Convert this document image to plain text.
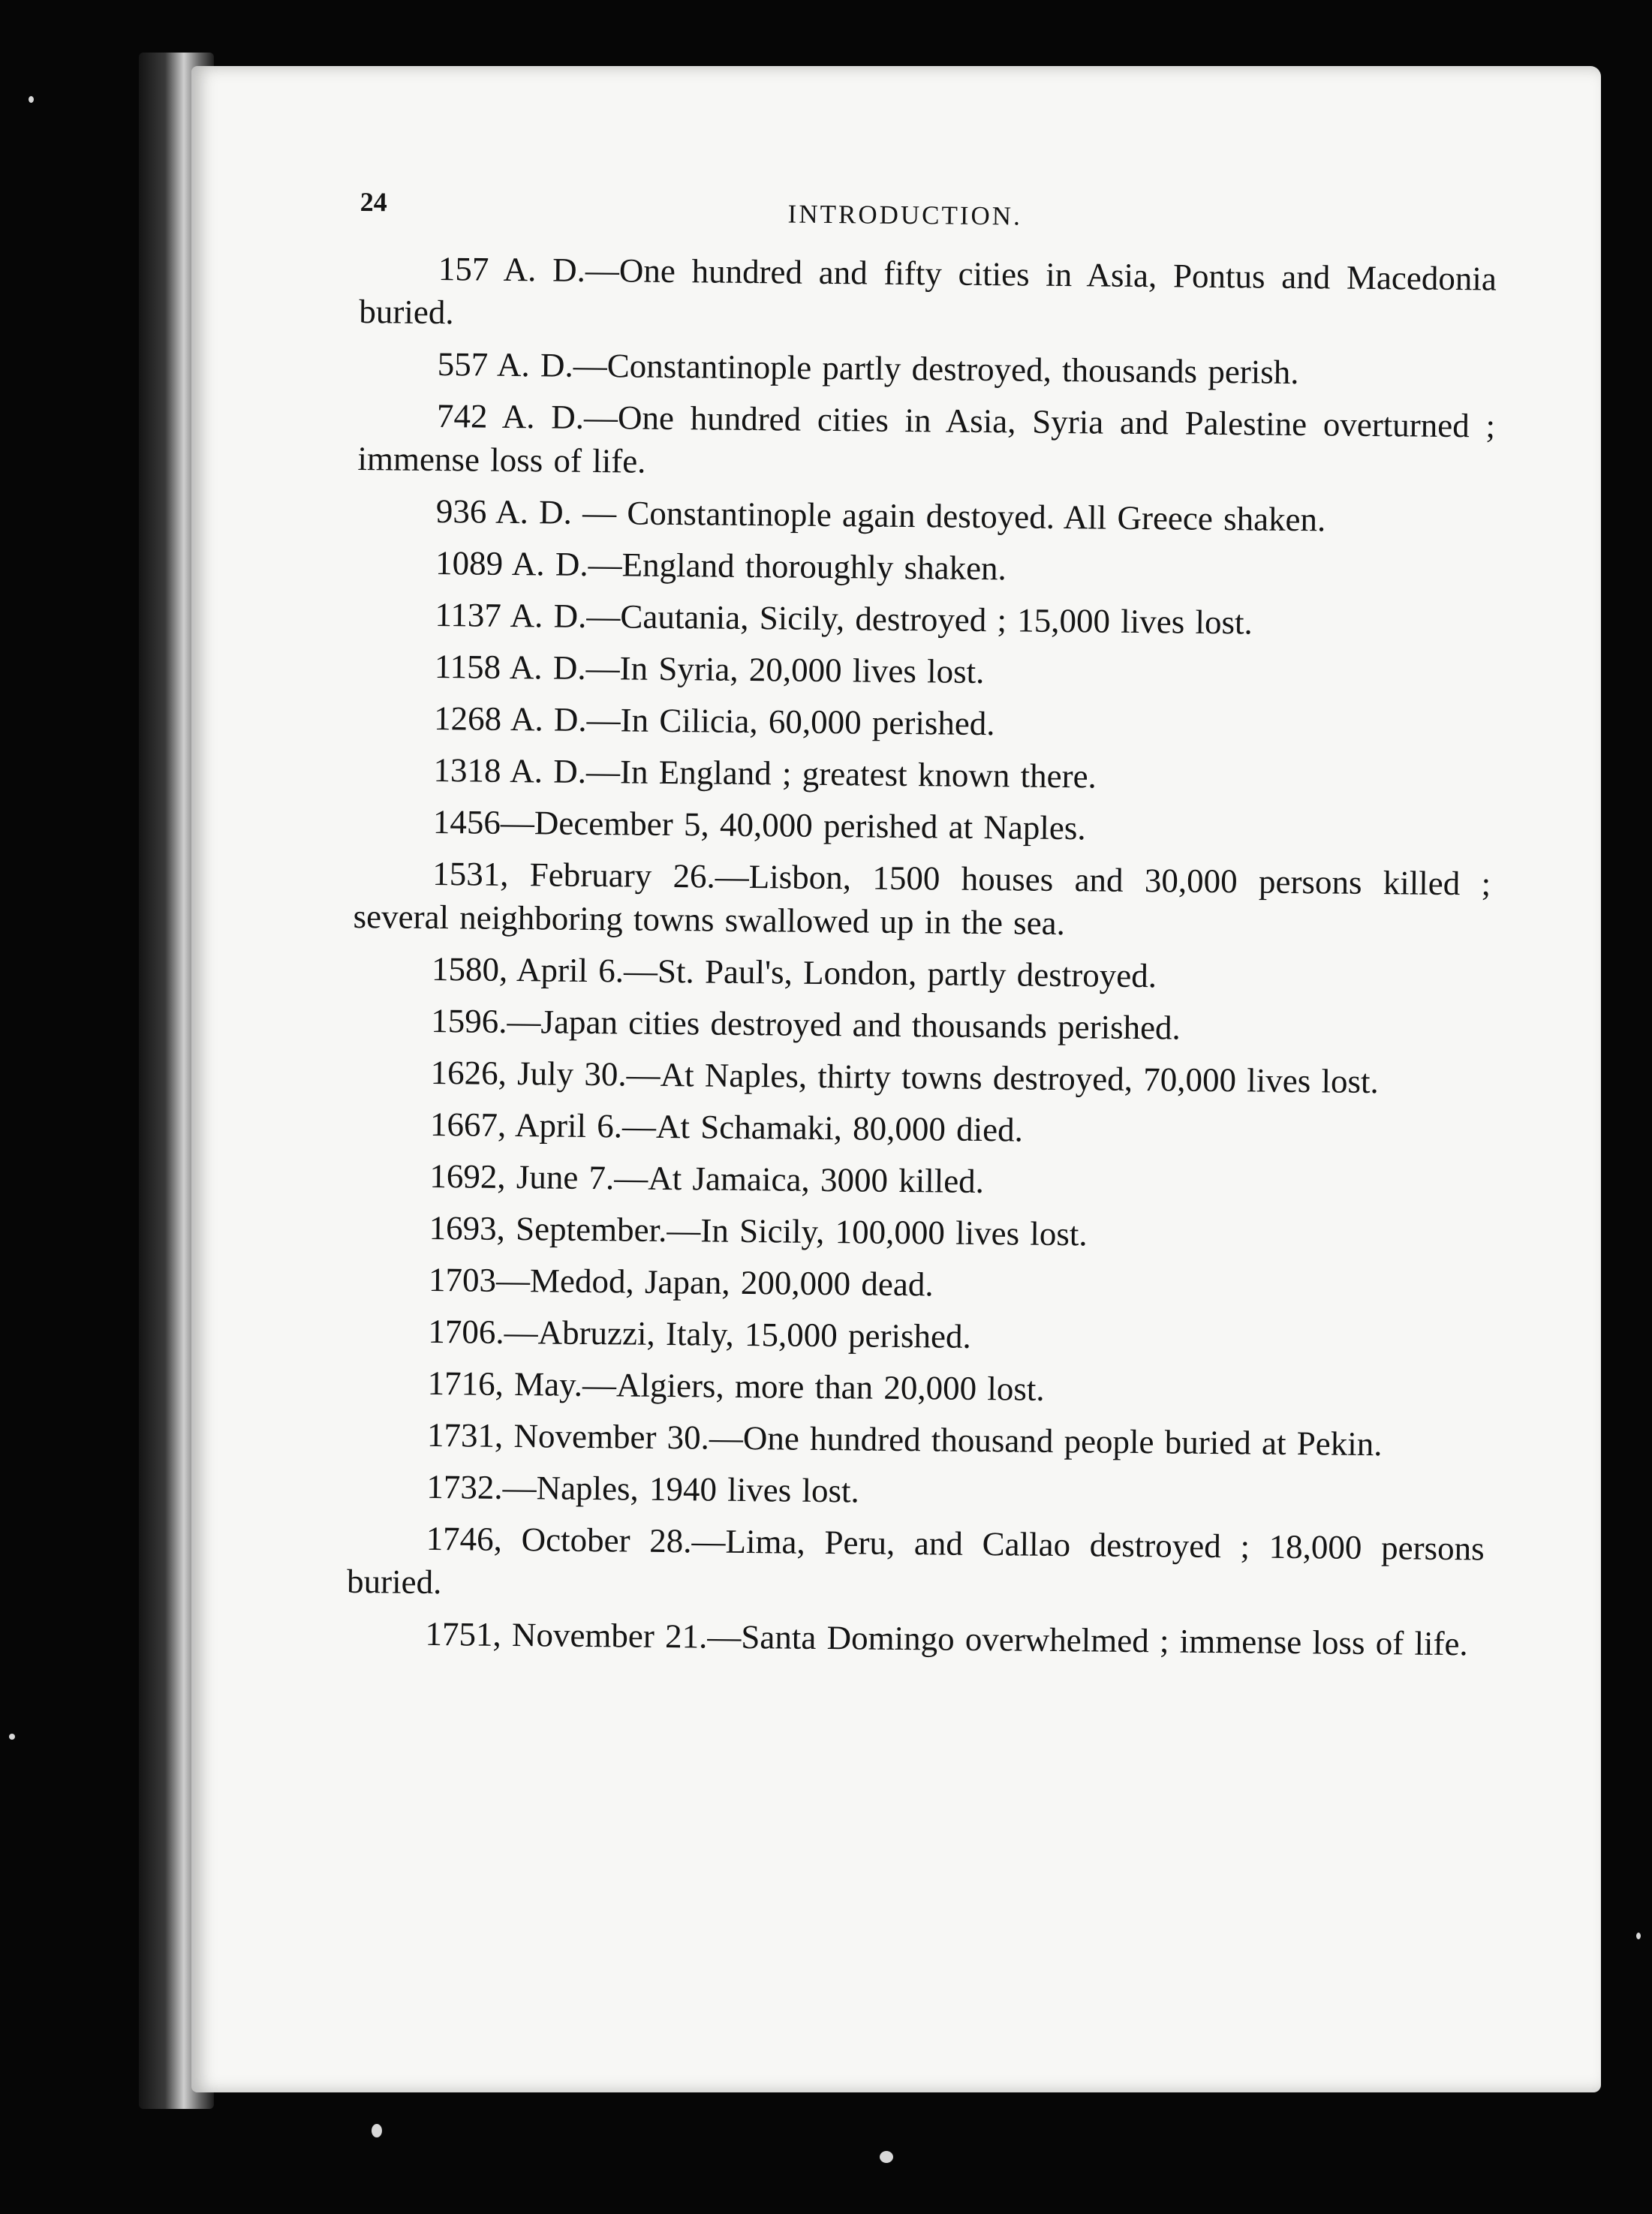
24	INTRODUCTION.
157 A. D.—One hundred and fifty cities in Asia, Pontus and Macedonia buried.
557 A. D.—Constantinople partly destroyed, thousands perish.
742 A. D.—One hundred cities in Asia, Syria and Palestine overturned ; immense loss of life.
936 A. D. — Constantinople again destoyed. All Greece shaken.
1089 A. D.—England thoroughly shaken.
1137 A. D.—Cautania, Sicily, destroyed ; 15,000 lives lost.
1158 A. D.—In Syria, 20,000 lives lost.
1268 A. D.—In Cilicia, 60,000 perished.
1318 A. D.—In England ; greatest known there.
1456—December 5, 40,000 perished at Naples.
1531, February 26.—Lisbon, 1500 houses and 30,000 persons killed ; several neighboring towns swallowed up in the sea.
1580, April 6.—St. Paul's, London, partly destroyed.
1596.—Japan cities destroyed and thousands perished.
1626, July 30.—At Naples, thirty towns destroyed, 70,000 lives lost.
1667, April 6.—At Schamaki, 80,000 died.
1692, June 7.—At Jamaica, 3000 killed.
1693, September.—In Sicily, 100,000 lives lost.
1703—Medod, Japan, 200,000 dead.
1706.—Abruzzi, Italy, 15,000 perished.
1716, May.—Algiers, more than 20,000 lost.
1731, November 30.—One hundred thousand people buried at Pekin.
1732.—Naples, 1940 lives lost.
1746, October 28.—Lima, Peru, and Callao destroyed ; 18,000 persons buried.
1751, November 21.—Santa Domingo overwhelmed ; immense loss of life.
